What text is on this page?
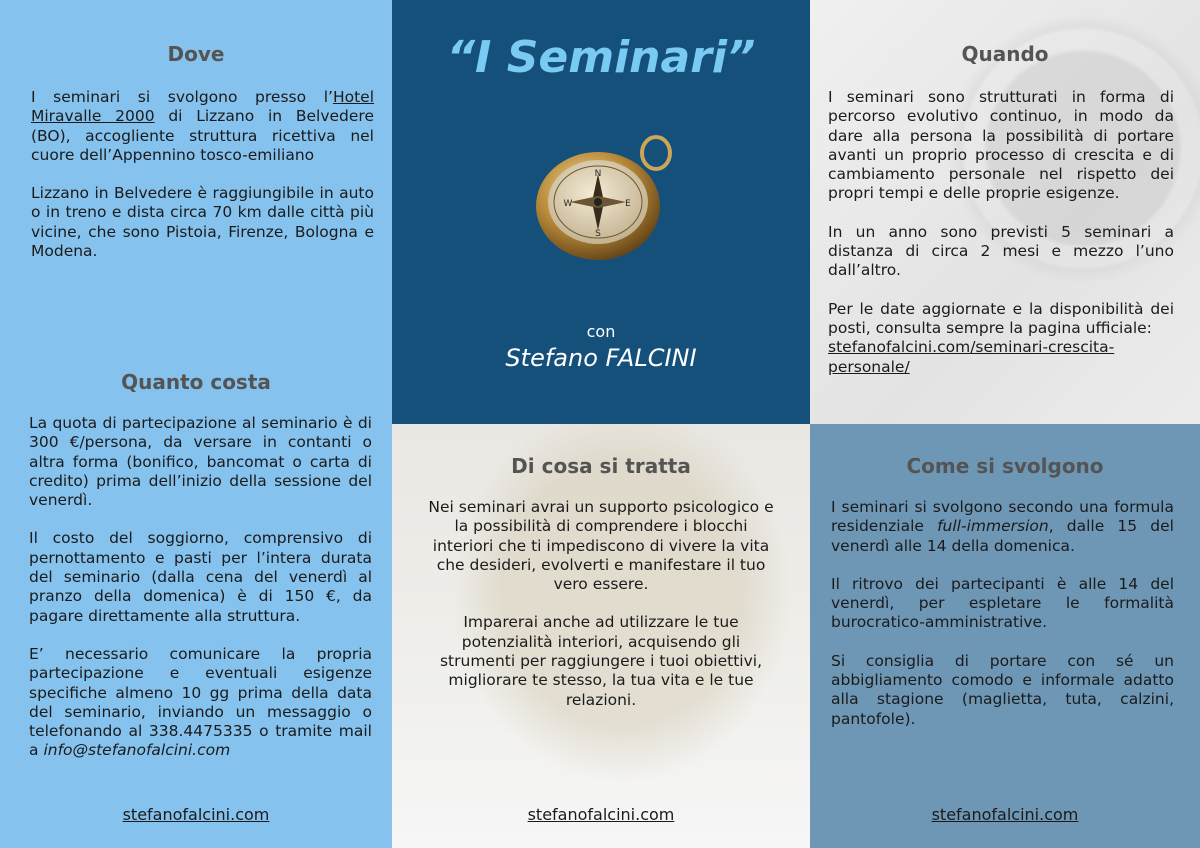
Dove

I seminari si svolgono presso l’Hotel Miravalle 2000 di Lizzano in Belvedere (BO), accogliente struttura ricettiva nel cuore dell’Appennino tosco-emiliano

Lizzano in Belvedere è raggiungibile in auto o in treno e dista circa 70 km dalle città più vicine, che sono Pistoia, Firenze, Bologna e Modena.

Quanto costa

La quota di partecipazione al seminario è di 300 €/persona, da versare in contanti o altra forma (bonifico, bancomat o carta di credito) prima dell’inizio della sessione del venerdì.

Il costo del soggiorno, comprensivo di pernottamento e pasti per l’intera durata del seminario (dalla cena del venerdì al pranzo della domenica) è di 150 €, da pagare direttamente alla struttura.

E’ necessario comunicare la propria partecipazione e eventuali esigenze specifiche almeno 10 gg prima della data del seminario, inviando un messaggio o telefonando al 338.4475335 o tramite mail a info@stefanofalcini.com

stefanofalcini.com
“I Seminari”
con
Stefano FALCINI
N
E
S
W
Quando

I seminari sono strutturati in forma di percorso evolutivo continuo, in modo da dare alla persona la possibilità di portare avanti un proprio processo di crescita e di cambiamento personale nel rispetto dei propri tempi e delle proprie esigenze.

In un anno sono previsti 5 seminari a distanza di circa 2 mesi e mezzo l’uno dall’altro.

Per le date aggiornate e la disponibilità dei posti, consulta sempre la pagina ufficiale:

stefanofalcini.com/seminari-crescita-personale/

Di cosa si tratta

Nei seminari avrai un supporto psicologico e la possibilità di comprendere i blocchi interiori che ti impediscono di vivere la vita che desideri, evolverti e manifestare il tuo vero essere.

Imparerai anche ad utilizzare le tue potenzialità interiori, acquisendo gli strumenti per raggiungere i tuoi obiettivi, migliorare te stesso, la tua vita e le tue relazioni.

stefanofalcini.com
Come si svolgono

I seminari si svolgono secondo una formula residenziale full-immersion, dalle 15 del venerdì alle 14 della domenica.

Il ritrovo dei partecipanti è alle 14 del venerdì, per espletare le formalità burocratico-amministrative.

Si consiglia di portare con sé un abbigliamento comodo e informale adatto alla stagione (maglietta, tuta, calzini, pantofole).

stefanofalcini.com
